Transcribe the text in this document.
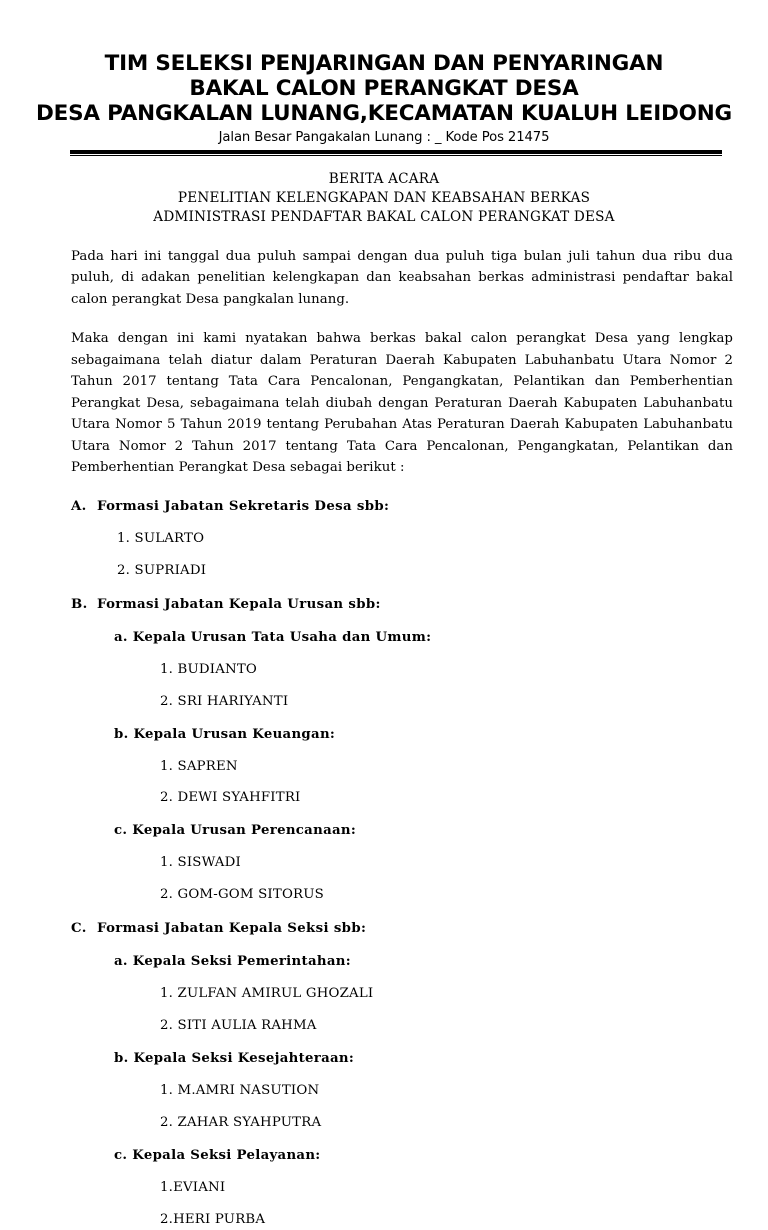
TIM SELEKSI PENJARINGAN DAN PENYARINGAN
BAKAL CALON PERANGKAT DESA
DESA PANGKALAN LUNANG,KECAMATAN KUALUH LEIDONG
Jalan Besar Pangakalan Lunang : _ Kode Pos 21475
BERITA ACARA
PENELITIAN KELENGKAPAN DAN KEABSAHAN BERKAS
ADMINISTRASI PENDAFTAR BAKAL CALON PERANGKAT DESA

Pada hari ini tanggal dua puluh sampai dengan dua puluh tiga bulan juli tahun dua ribu dua puluh, di adakan penelitian kelengkapan dan keabsahan berkas administrasi pendaftar bakal calon perangkat Desa pangkalan lunang.

Maka dengan ini kami nyatakan bahwa berkas bakal calon perangkat Desa yang lengkap sebagaimana telah diatur dalam Peraturan Daerah Kabupaten Labuhanbatu Utara Nomor 2 Tahun 2017 tentang Tata Cara Pencalonan, Pengangkatan, Pelantikan dan Pemberhentian Perangkat Desa, sebagaimana telah diubah dengan Peraturan Daerah Kabupaten Labuhanbatu Utara Nomor 5 Tahun 2019 tentang Perubahan Atas Peraturan Daerah Kabupaten Labuhanbatu Utara Nomor 2 Tahun 2017 tentang Tata Cara Pencalonan, Pengangkatan, Pelantikan dan Pemberhentian Perangkat Desa sebagai berikut :

A. Formasi Jabatan Sekretaris Desa sbb:
1. SULARTO
2. SUPRIADI
B. Formasi Jabatan Kepala Urusan sbb:
a. Kepala Urusan Tata Usaha dan Umum:
1. BUDIANTO
2. SRI HARIYANTI
b. Kepala Urusan Keuangan:
1. SAPREN
2. DEWI SYAHFITRI
c. Kepala Urusan Perencanaan:
1. SISWADI
2. GOM-GOM SITORUS
C. Formasi Jabatan Kepala Seksi sbb:
a. Kepala Seksi Pemerintahan:
1. ZULFAN AMIRUL GHOZALI
2. SITI AULIA RAHMA
b. Kepala Seksi Kesejahteraan:
1. M.AMRI NASUTION
2. ZAHAR SYAHPUTRA
c. Kepala Seksi Pelayanan:
1.EVIANI
2.HERI PURBA
